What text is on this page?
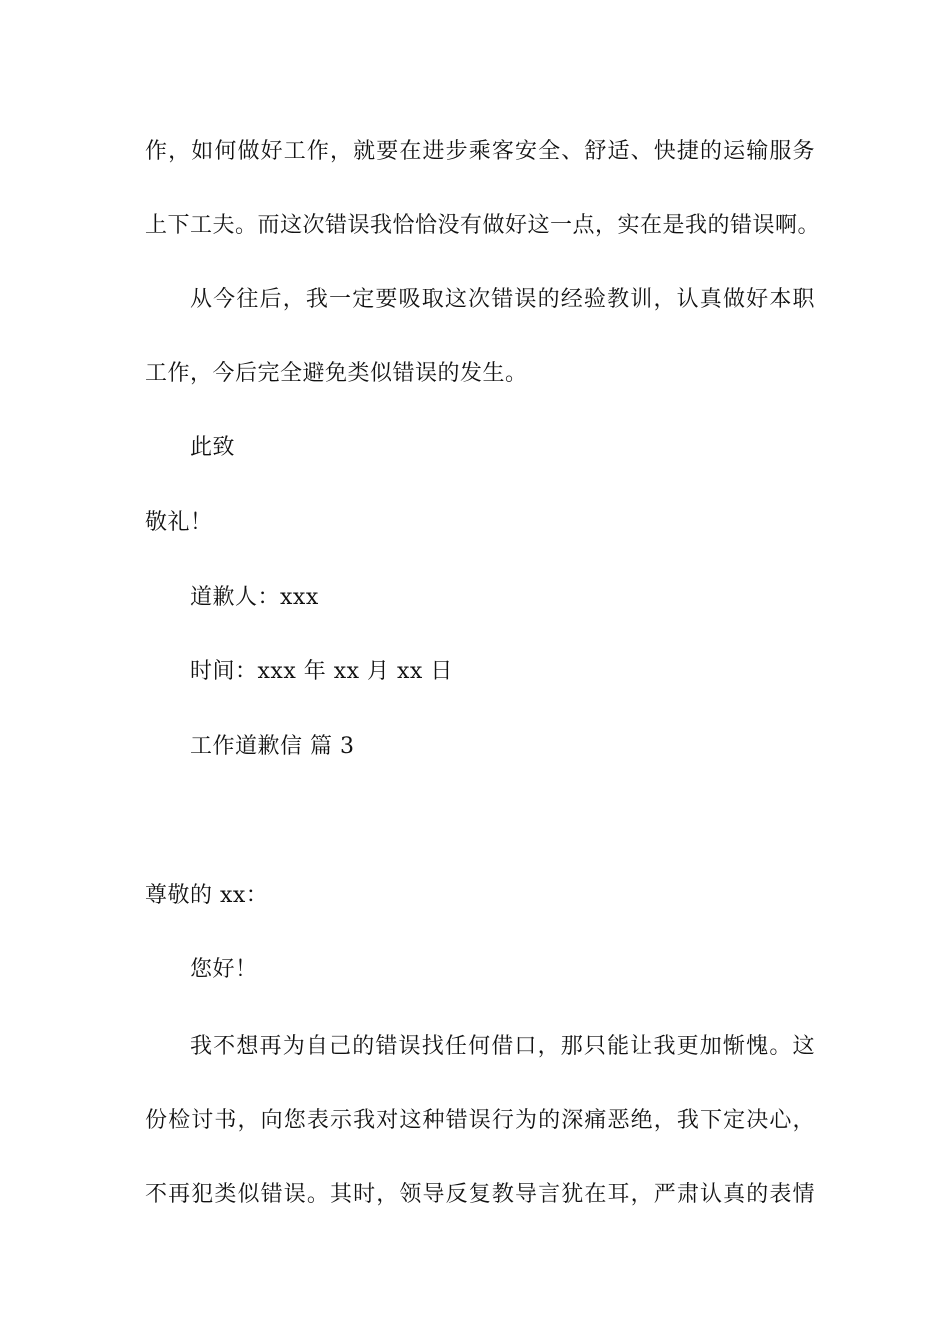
作，如何做好工作，就要在进步乘客安全、舒适、快捷的运输服务
上下工夫。而这次错误我恰恰没有做好这一点，实在是我的错误啊。
从今往后，我一定要吸取这次错误的经验教训，认真做好本职
工作，今后完全避免类似错误的发生。
此致
敬礼！
道歉人：xxx
时间：xxx 年 xx 月 xx 日
工作道歉信 篇 3
尊敬的 xx：
您好！
我不想再为自己的错误找任何借口，那只能让我更加惭愧。这
份检讨书，向您表示我对这种错误行为的深痛恶绝，我下定决心，
不再犯类似错误。其时，领导反复教导言犹在耳，严肃认真的表情
